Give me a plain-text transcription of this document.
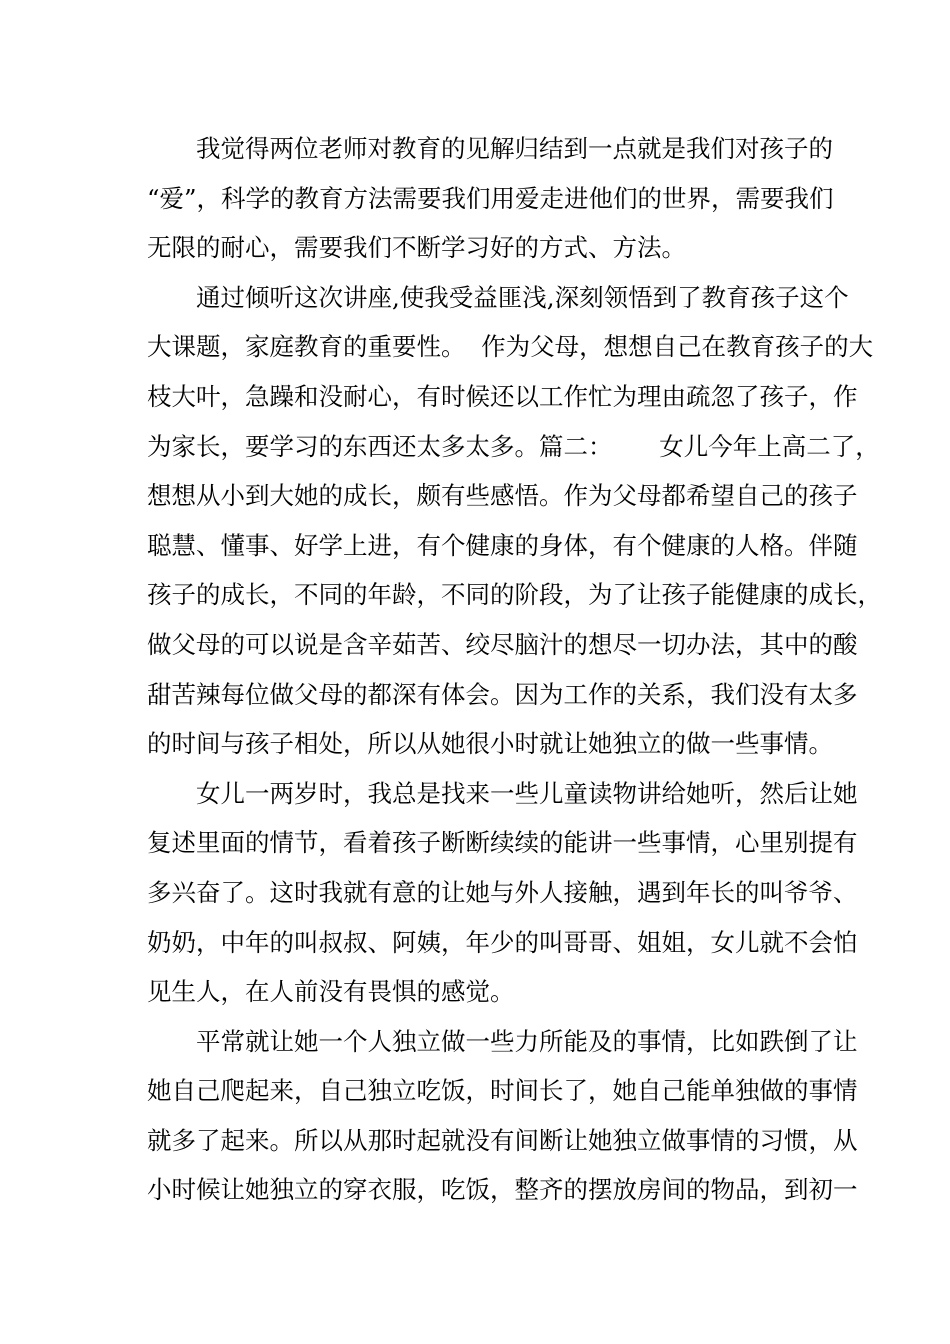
我觉得两位老师对教育的见解归结到一点就是我们对孩子的
“爱”，科学的教育方法需要我们用爱走进他们的世界，需要我们
无限的耐心，需要我们不断学习好的方式、方法。
通过倾听这次讲座,使我受益匪浅,深刻领悟到了教育孩子这个
大课题，家庭教育的重要性。  作为父母，想想自己在教育孩子的大
枝大叶，急躁和没耐心，有时候还以工作忙为理由疏忽了孩子，作
为家长，要学习的东西还太多太多。篇二：      女儿今年上高二了，
想想从小到大她的成长，颇有些感悟。作为父母都希望自己的孩子
聪慧、懂事、好学上进，有个健康的身体，有个健康的人格。伴随
孩子的成长，不同的年龄，不同的阶段，为了让孩子能健康的成长，
做父母的可以说是含辛茹苦、绞尽脑汁的想尽一切办法，其中的酸
甜苦辣每位做父母的都深有体会。因为工作的关系，我们没有太多
的时间与孩子相处，所以从她很小时就让她独立的做一些事情。
女儿一两岁时，我总是找来一些儿童读物讲给她听，然后让她
复述里面的情节，看着孩子断断续续的能讲一些事情，心里别提有
多兴奋了。这时我就有意的让她与外人接触，遇到年长的叫爷爷、
奶奶，中年的叫叔叔、阿姨，年少的叫哥哥、姐姐，女儿就不会怕
见生人，在人前没有畏惧的感觉。
平常就让她一个人独立做一些力所能及的事情，比如跌倒了让
她自己爬起来，自己独立吃饭，时间长了，她自己能单独做的事情
就多了起来。所以从那时起就没有间断让她独立做事情的习惯，从
小时候让她独立的穿衣服，吃饭，整齐的摆放房间的物品，到初一
